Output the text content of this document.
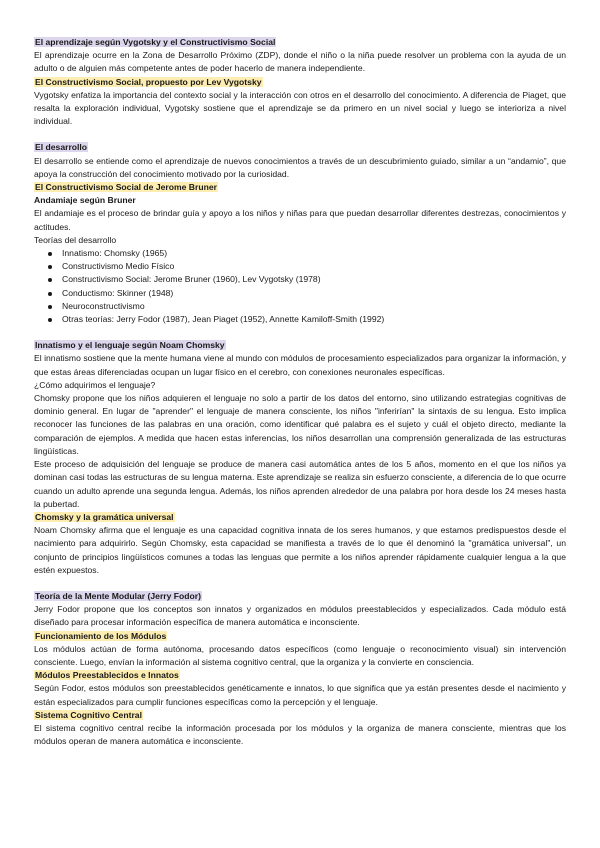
El aprendizaje según Vygotsky y el Constructivismo Social

El aprendizaje ocurre en la Zona de Desarrollo Próximo (ZDP), donde el niño o la niña puede resolver un problema con la ayuda de un adulto o de alguien más competente antes de poder hacerlo de manera independiente.

El Constructivismo Social, propuesto por Lev Vygotsky

Vygotsky enfatiza la importancia del contexto social y la interacción con otros en el desarrollo del conocimiento. A diferencia de Piaget, que resalta la exploración individual, Vygotsky sostiene que el aprendizaje se da primero en un nivel social y luego se interioriza a nivel individual.

El desarrollo

El desarrollo se entiende como el aprendizaje de nuevos conocimientos a través de un descubrimiento guiado, similar a un “andamio”, que apoya la construcción del conocimiento motivado por la curiosidad.

El Constructivismo Social de Jerome Bruner
Andamiaje según Bruner

El andamiaje es el proceso de brindar guía y apoyo a los niños y niñas para que puedan desarrollar diferentes destrezas, conocimientos y actitudes.

Teorías del desarrollo
Innatismo: Chomsky (1965)
Constructivismo Medio Físico
Constructivismo Social: Jerome Bruner (1960), Lev Vygotsky (1978)
Conductismo: Skinner (1948)
Neuroconstructivismo
Otras teorías: Jerry Fodor (1987), Jean Piaget (1952), Annette Kamiloff-Smith (1992)
Innatismo y el lenguaje según Noam Chomsky

El innatismo sostiene que la mente humana viene al mundo con módulos de procesamiento especializados para organizar la información, y que estas áreas diferenciadas ocupan un lugar físico en el cerebro, con conexiones neuronales específicas.

¿Cómo adquirimos el lenguaje?

Chomsky propone que los niños adquieren el lenguaje no solo a partir de los datos del entorno, sino utilizando estrategias cognitivas de dominio general. En lugar de "aprender" el lenguaje de manera consciente, los niños "inferirían" la sintaxis de su lengua. Esto implica reconocer las funciones de las palabras en una oración, como identificar qué palabra es el sujeto y cuál el objeto directo, mediante la comparación de ejemplos. A medida que hacen estas inferencias, los niños desarrollan una comprensión generalizada de las estructuras lingüísticas.

Este proceso de adquisición del lenguaje se produce de manera casi automática antes de los 5 años, momento en el que los niños ya dominan casi todas las estructuras de su lengua materna. Este aprendizaje se realiza sin esfuerzo consciente, a diferencia de lo que ocurre cuando un adulto aprende una segunda lengua. Además, los niños aprenden alrededor de una palabra por hora desde los 24 meses hasta la pubertad.

Chomsky y la gramática universal

Noam Chomsky afirma que el lenguaje es una capacidad cognitiva innata de los seres humanos, y que estamos predispuestos desde el nacimiento para adquirirlo. Según Chomsky, esta capacidad se manifiesta a través de lo que él denominó la "gramática universal", un conjunto de principios lingüísticos comunes a todas las lenguas que permite a los niños aprender rápidamente cualquier lengua a la que estén expuestos.

Teoría de la Mente Modular (Jerry Fodor)

Jerry Fodor propone que los conceptos son innatos y organizados en módulos preestablecidos y especializados. Cada módulo está diseñado para procesar información específica de manera automática e inconsciente.

Funcionamiento de los Módulos

Los módulos actúan de forma autónoma, procesando datos específicos (como lenguaje o reconocimiento visual) sin intervención consciente. Luego, envían la información al sistema cognitivo central, que la organiza y la convierte en consciencia.

Módulos Preestablecidos e Innatos

Según Fodor, estos módulos son preestablecidos genéticamente e innatos, lo que significa que ya están presentes desde el nacimiento y están especializados para cumplir funciones específicas como la percepción y el lenguaje.

Sistema Cognitivo Central

El sistema cognitivo central recibe la información procesada por los módulos y la organiza de manera consciente, mientras que los módulos operan de manera automática e inconsciente.
